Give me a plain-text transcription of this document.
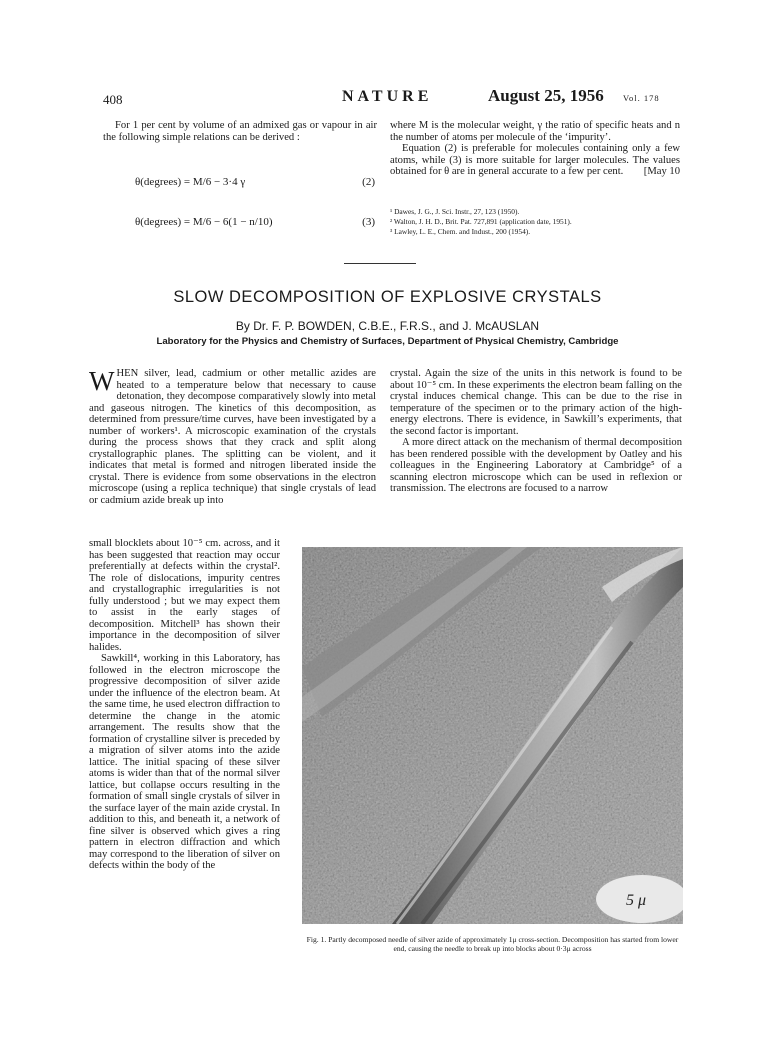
408	NATURE	August 25, 1956 Vol. 178

For 1 per cent by volume of an admixed gas or vapour in air the following simple relations can be derived :

θ(degrees) = M/6 − 3·4 γ	(2)
θ(degrees) = M/6 − 6(1 − n/10)	(3)

where M is the molecular weight, γ the ratio of specific heats and n the number of atoms per molecule of the ‘impurity’.

Equation (2) is preferable for molecules containing only a few atoms, while (3) is more suitable for larger molecules. The values obtained for θ are in general accurate to a few per cent.	[May 10

¹ Dawes, J. G., J. Sci. Instr., 27, 123 (1950).
² Walton, J. H. D., Brit. Pat. 727,891 (application date, 1951).
³ Lawley, L. E., Chem. and Indust., 200 (1954).
SLOW DECOMPOSITION OF EXPLOSIVE CRYSTALS
By Dr. F. P. BOWDEN, C.B.E., F.R.S., and J. McAUSLAN
Laboratory for the Physics and Chemistry of Surfaces, Department of Physical Chemistry, Cambridge

WHEN silver, lead, cadmium or other metallic azides are heated to a temperature below that necessary to cause detonation, they decompose comparatively slowly into metal and gaseous nitrogen. The kinetics of this decomposition, as determined from pressure/time curves, have been investigated by a number of workers¹. A microscopic examination of the crystals during the process shows that they crack and split along crystallographic planes. The splitting can be violent, and it indicates that metal is formed and nitrogen liberated inside the crystal. There is evidence from some observations in the electron microscope (using a replica technique) that single crystals of lead or cadmium azide break up into

small blocklets about 10⁻⁵ cm. across, and it has been suggested that reaction may occur preferentially at defects within the crystal². The role of dislocations, impurity centres and crystallographic irregularities is not fully understood ; but we may expect them to assist in the early stages of decomposition. Mitchell³ has shown their importance in the decomposition of silver halides.

Sawkill⁴, working in this Laboratory, has followed in the electron microscope the progressive decomposition of silver azide under the influence of the electron beam. At the same time, he used electron diffraction to determine the change in the atomic arrangement. The results show that the formation of crystalline silver is preceded by a migration of silver atoms into the azide lattice. The initial spacing of these silver atoms is wider than that of the normal silver lattice, but collapse occurs resulting in the formation of small single crystals of silver in the surface layer of the main azide crystal. In addition to this, and beneath it, a network of fine silver is observed which gives a ring pattern in electron diffraction and which may correspond to the liberation of silver on defects within the body of the

crystal. Again the size of the units in this network is found to be about 10⁻⁵ cm. In these experiments the electron beam falling on the crystal induces chemical change. This can be due to the rise in temperature of the specimen or to the primary action of the high-energy electrons. There is evidence, in Sawkill’s experiments, that the second factor is important.

A more direct attack on the mechanism of thermal decomposition has been rendered possible with the development by Oatley and his colleagues in the Engineering Laboratory at Cambridge⁵ of a scanning electron microscope which can be used in reflexion or transmission. The electrons are focused to a narrow

5 μ
Fig. 1. Partly decomposed needle of silver azide of approximately 1μ cross-section. Decomposition has started from lower end, causing the needle to break up into blocks about 0·3μ across
